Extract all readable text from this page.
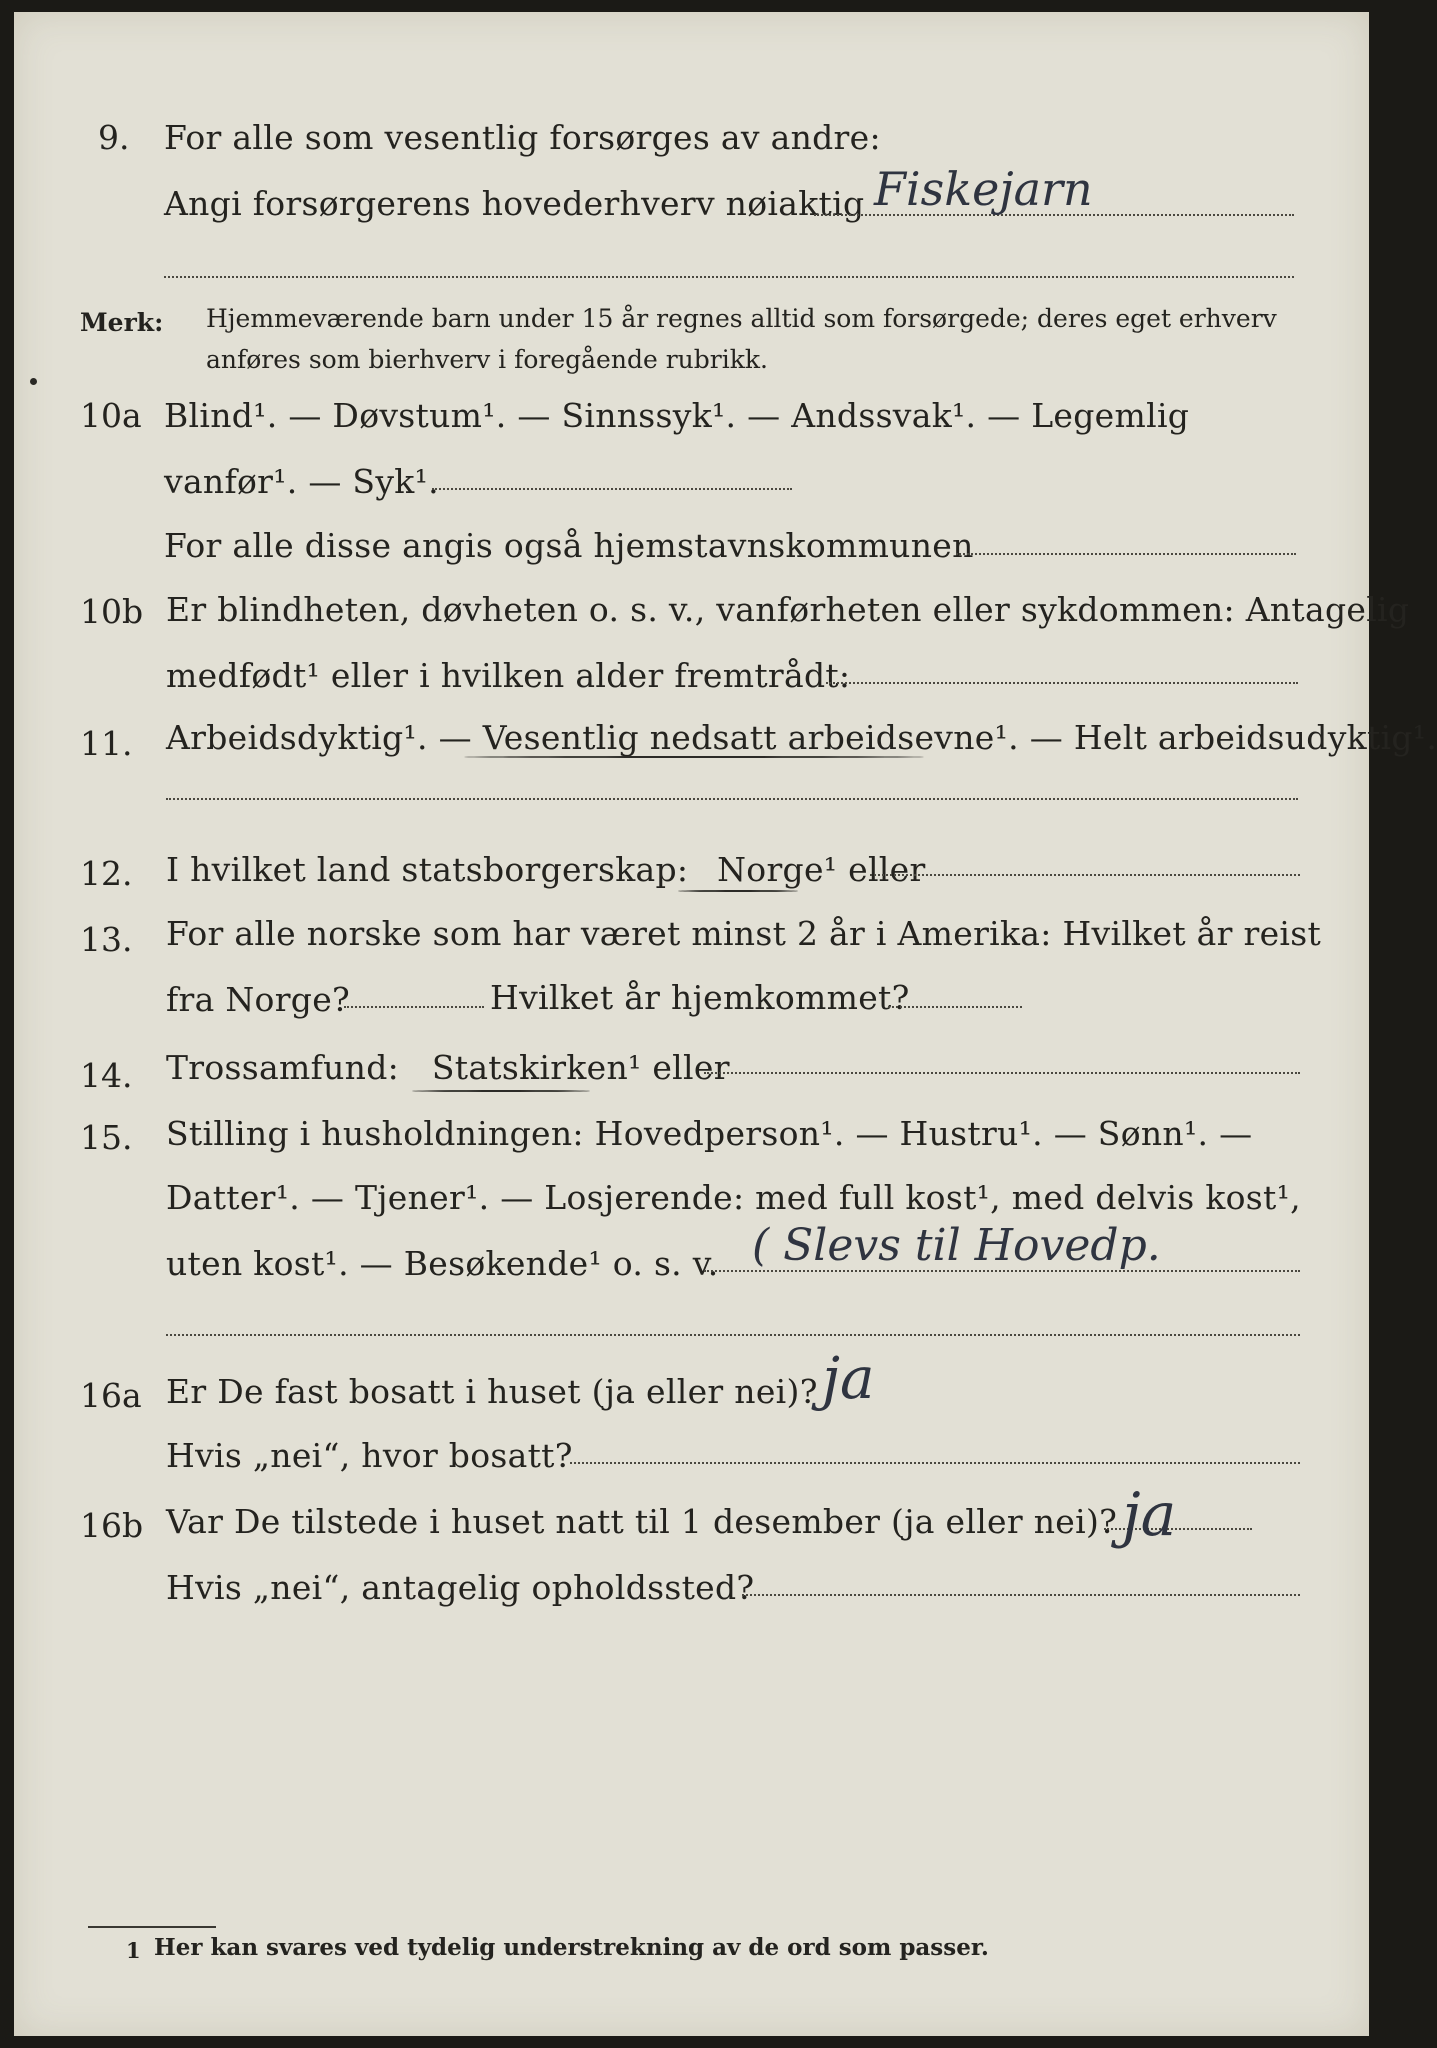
9. For alle som vesentlig forsørges av andre:
Angi forsørgerens hovederhverv nøiaktig Fiskejarn
Merk: Hjemmeværende barn under 15 år regnes alltid som forsørgede; deres eget erhverv
anføres som bierhverv i foregående rubrikk.
10a Blind¹. — Døvstum¹. — Sinnssyk¹. — Andssvak¹. — Legemlig
vanfør¹. — Syk¹.
For alle disse angis også hjemstavnskommunen
10b Er blindheten, døvheten o. s. v., vanførheten eller sykdommen: Antagelig
medfødt¹ eller i hvilken alder fremtrådt:
11. Arbeidsdyktig¹. — Vesentlig nedsatt arbeidsevne¹. — Helt arbeidsudyktig¹.
12. I hvilket land statsborgerskap: Norge¹ eller
13. For alle norske som har været minst 2 år i Amerika: Hvilket år reist
fra Norge?	Hvilket år hjemkommet?
14. Trossamfund: Statskirken¹ eller
15. Stilling i husholdningen: Hovedperson¹. — Hustru¹. — Sønn¹. —
Datter¹. — Tjener¹. — Losjerende: med full kost¹, med delvis kost¹,
uten kost¹. — Besøkende¹ o. s. v. ( Slevs til Hovedp.
16a Er De fast bosatt i huset (ja eller nei)? ja
Hvis „nei“, hvor bosatt?
16b Var De tilstede i huset natt til 1 desember (ja eller nei)? ja
Hvis „nei“, antagelig opholdssted?
1 Her kan svares ved tydelig understrekning av de ord som passer.
